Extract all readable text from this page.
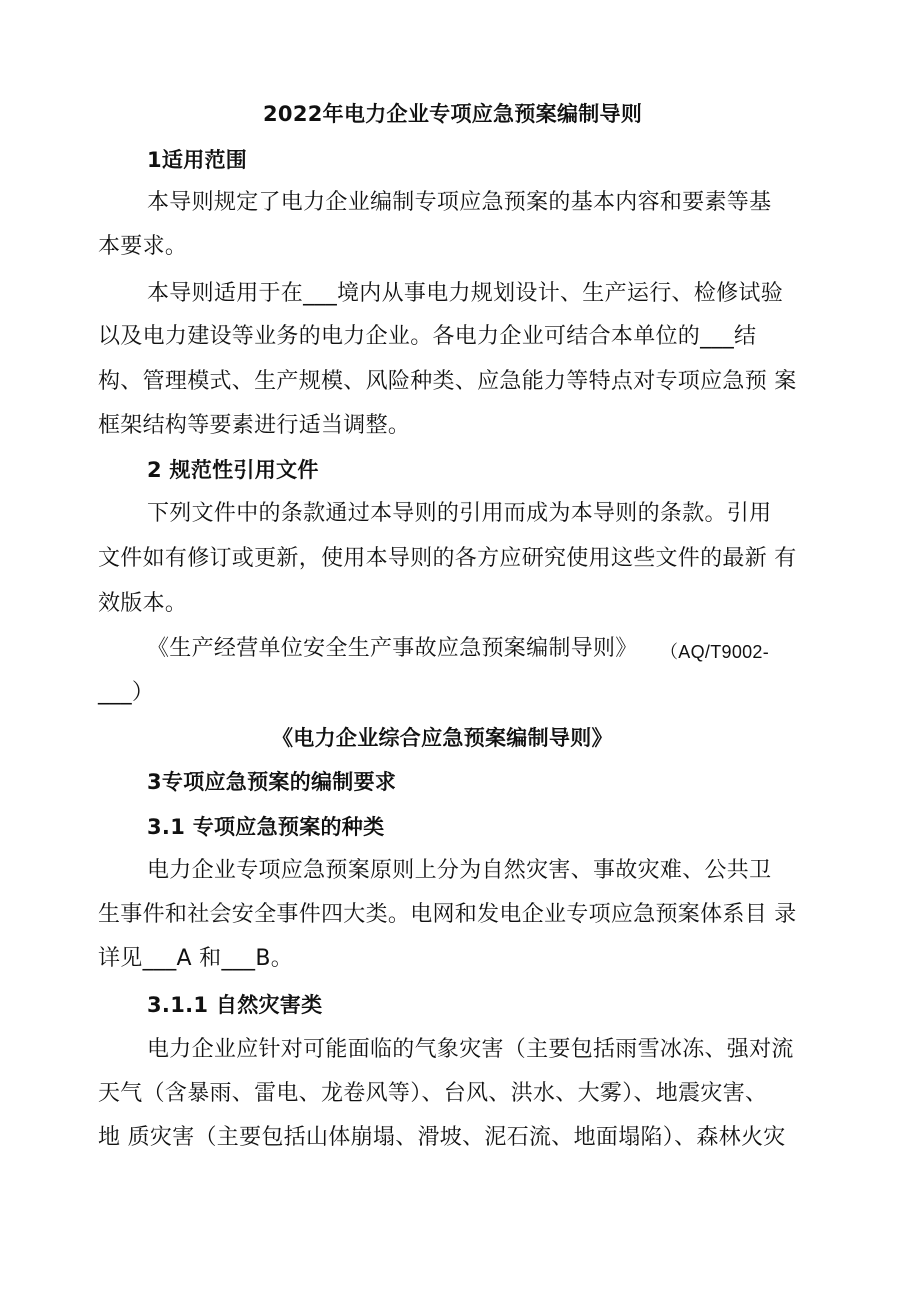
2022年电力企业专项应急预案编制导则
1适用范围
本导则规定了电力企业编制专项应急预案的基本内容和要素等基
本要求。
本导则适用于在___境内从事电力规划设计、生产运行、检修试验
以及电力建设等业务的电力企业。各电力企业可结合本单位的___结
构、管理模式、生产规模、风险种类、应急能力等特点对专项应急预 案
框架结构等要素进行适当调整。
2 规范性引用文件
下列文件中的条款通过本导则的引用而成为本导则的条款。引用
文件如有修订或更新，使用本导则的各方应研究使用这些文件的最新 有
效版本。
《生产经营单位安全生产事故应急预案编制导则》 （AQ/T9002-
___）
《电力企业综合应急预案编制导则》
3专项应急预案的编制要求
3.1 专项应急预案的种类
电力企业专项应急预案原则上分为自然灾害、事故灾难、公共卫
生事件和社会安全事件四大类。电网和发电企业专项应急预案体系目 录
详见___A 和___B。
3.1.1 自然灾害类
电力企业应针对可能面临的气象灾害（主要包括雨雪冰冻、强对流
天气（含暴雨、雷电、龙卷风等）、台风、洪水、大雾）、地震灾害、
地 质灾害（主要包括山体崩塌、滑坡、泥石流、地面塌陷）、森林火灾
